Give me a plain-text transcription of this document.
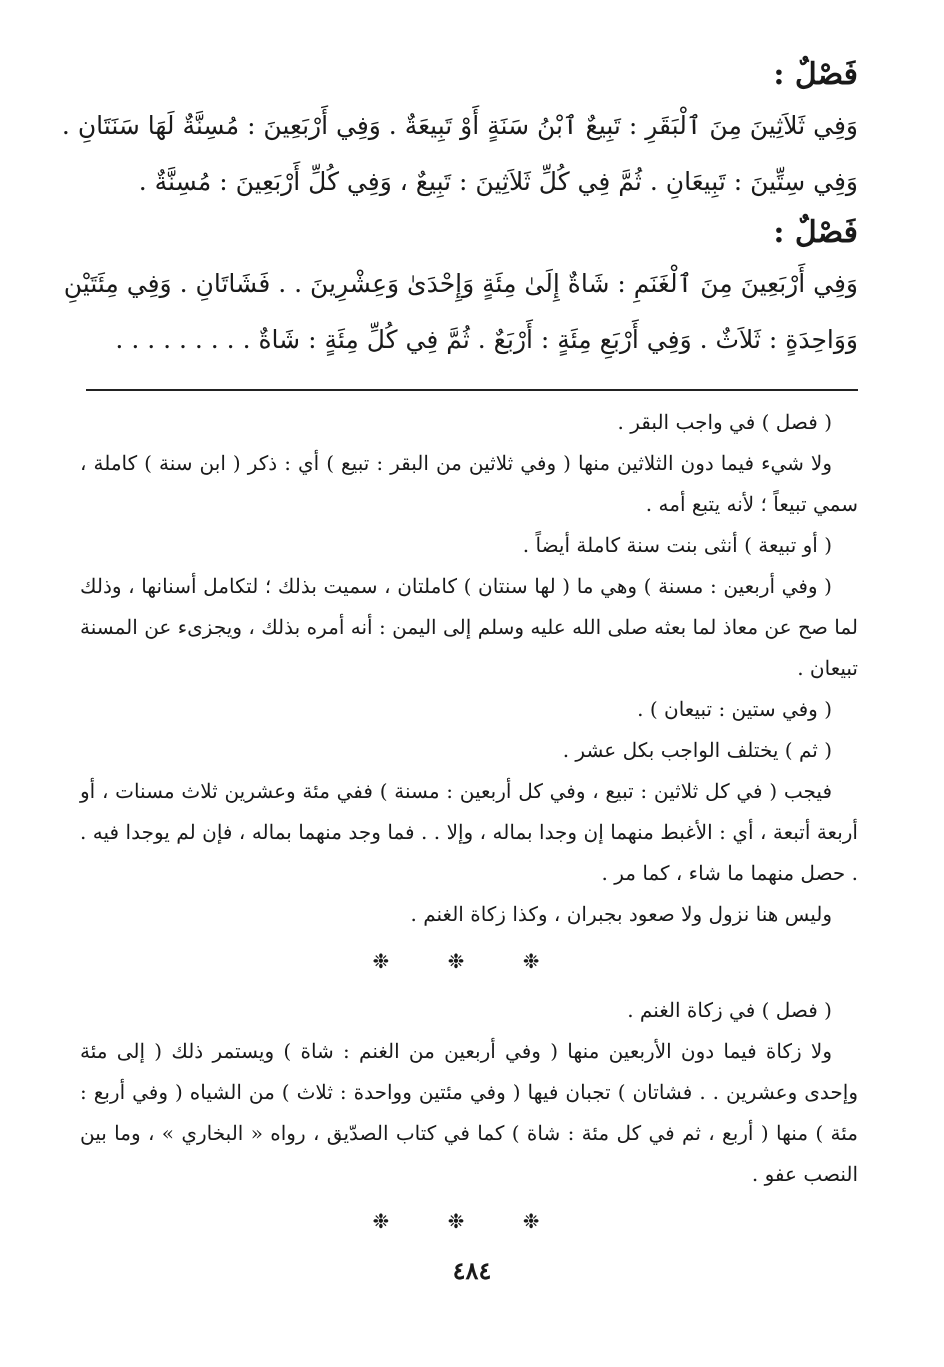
فَصْلٌ :

وَفِي ثَلاَثِينَ مِنَ ٱلْبَقَرِ : تَبِيعٌ ٱبْنُ سَنَةٍ أَوْ تَبِيعَةٌ . وَفِي أَرْبَعِينَ : مُسِنَّةٌ لَهَا سَنَتَانِ .

وَفِي سِتِّينَ : تَبِيعَانِ . ثُمَّ فِي كُلِّ ثَلاَثِينَ : تَبِيعٌ ، وَفِي كُلِّ أَرْبَعِينَ : مُسِنَّةٌ .

فَصْلٌ :

وَفِي أَرْبَعِينَ مِنَ ٱلْغَنَمِ : شَاةٌ إِلَىٰ مِئَةٍ وَإِحْدَىٰ وَعِشْرِينَ . . فَشَاتَانِ . وَفِي مِئَتَيْنِ

وَوَاحِدَةٍ : ثَلاَثٌ . وَفِي أَرْبَعِ مِئَةٍ : أَرْبَعٌ . ثُمَّ فِي كُلِّ مِئَةٍ : شَاةٌ . . . . . . . . .

( فصل ) في واجب البقر .

ولا شيء فيما دون الثلاثين منها ( وفي ثلاثين من البقر : تبيع ) أي : ذكر ( ابن سنة ) كاملة ، سمي تبيعاً ؛ لأنه يتبع أمه .

( أو تبيعة ) أنثى بنت سنة كاملة أيضاً .

( وفي أربعين : مسنة ) وهي ما ( لها سنتان ) كاملتان ، سميت بذلك ؛ لتكامل أسنانها ، وذلك لما صح عن معاذ لما بعثه صلى الله عليه وسلم إلى اليمن : أنه أمره بذلك ، ويجزىء عن المسنة تبيعان .

( وفي ستين : تبيعان ) .

( ثم ) يختلف الواجب بكل عشر .

فيجب ( في كل ثلاثين : تبيع ، وفي كل أربعين : مسنة ) ففي مئة وعشرين ثلاث مسنات ، أو أربعة أتبعة ، أي : الأغبط منهما إن وجدا بماله ، وإلا . . فما وجد منهما بماله ، فإن لم يوجدا فيه . . حصل منهما ما شاء ، كما مر .

وليس هنا نزول ولا صعود بجبران ، وكذا زكاة الغنم .

❉ ❉ ❉

( فصل ) في زكاة الغنم .

ولا زكاة فيما دون الأربعين منها ( وفي أربعين من الغنم : شاة ) ويستمر ذلك ( إلى مئة وإحدى وعشرين . . فشاتان ) تجبان فيها ( وفي مئتين وواحدة : ثلاث ) من الشياه ( وفي أربع : مئة ) منها ( أربع ، ثم في كل مئة : شاة ) كما في كتاب الصدّيق ، رواه « البخاري » ، وما بين النصب عفو .

❉ ❉ ❉

٤٨٤
